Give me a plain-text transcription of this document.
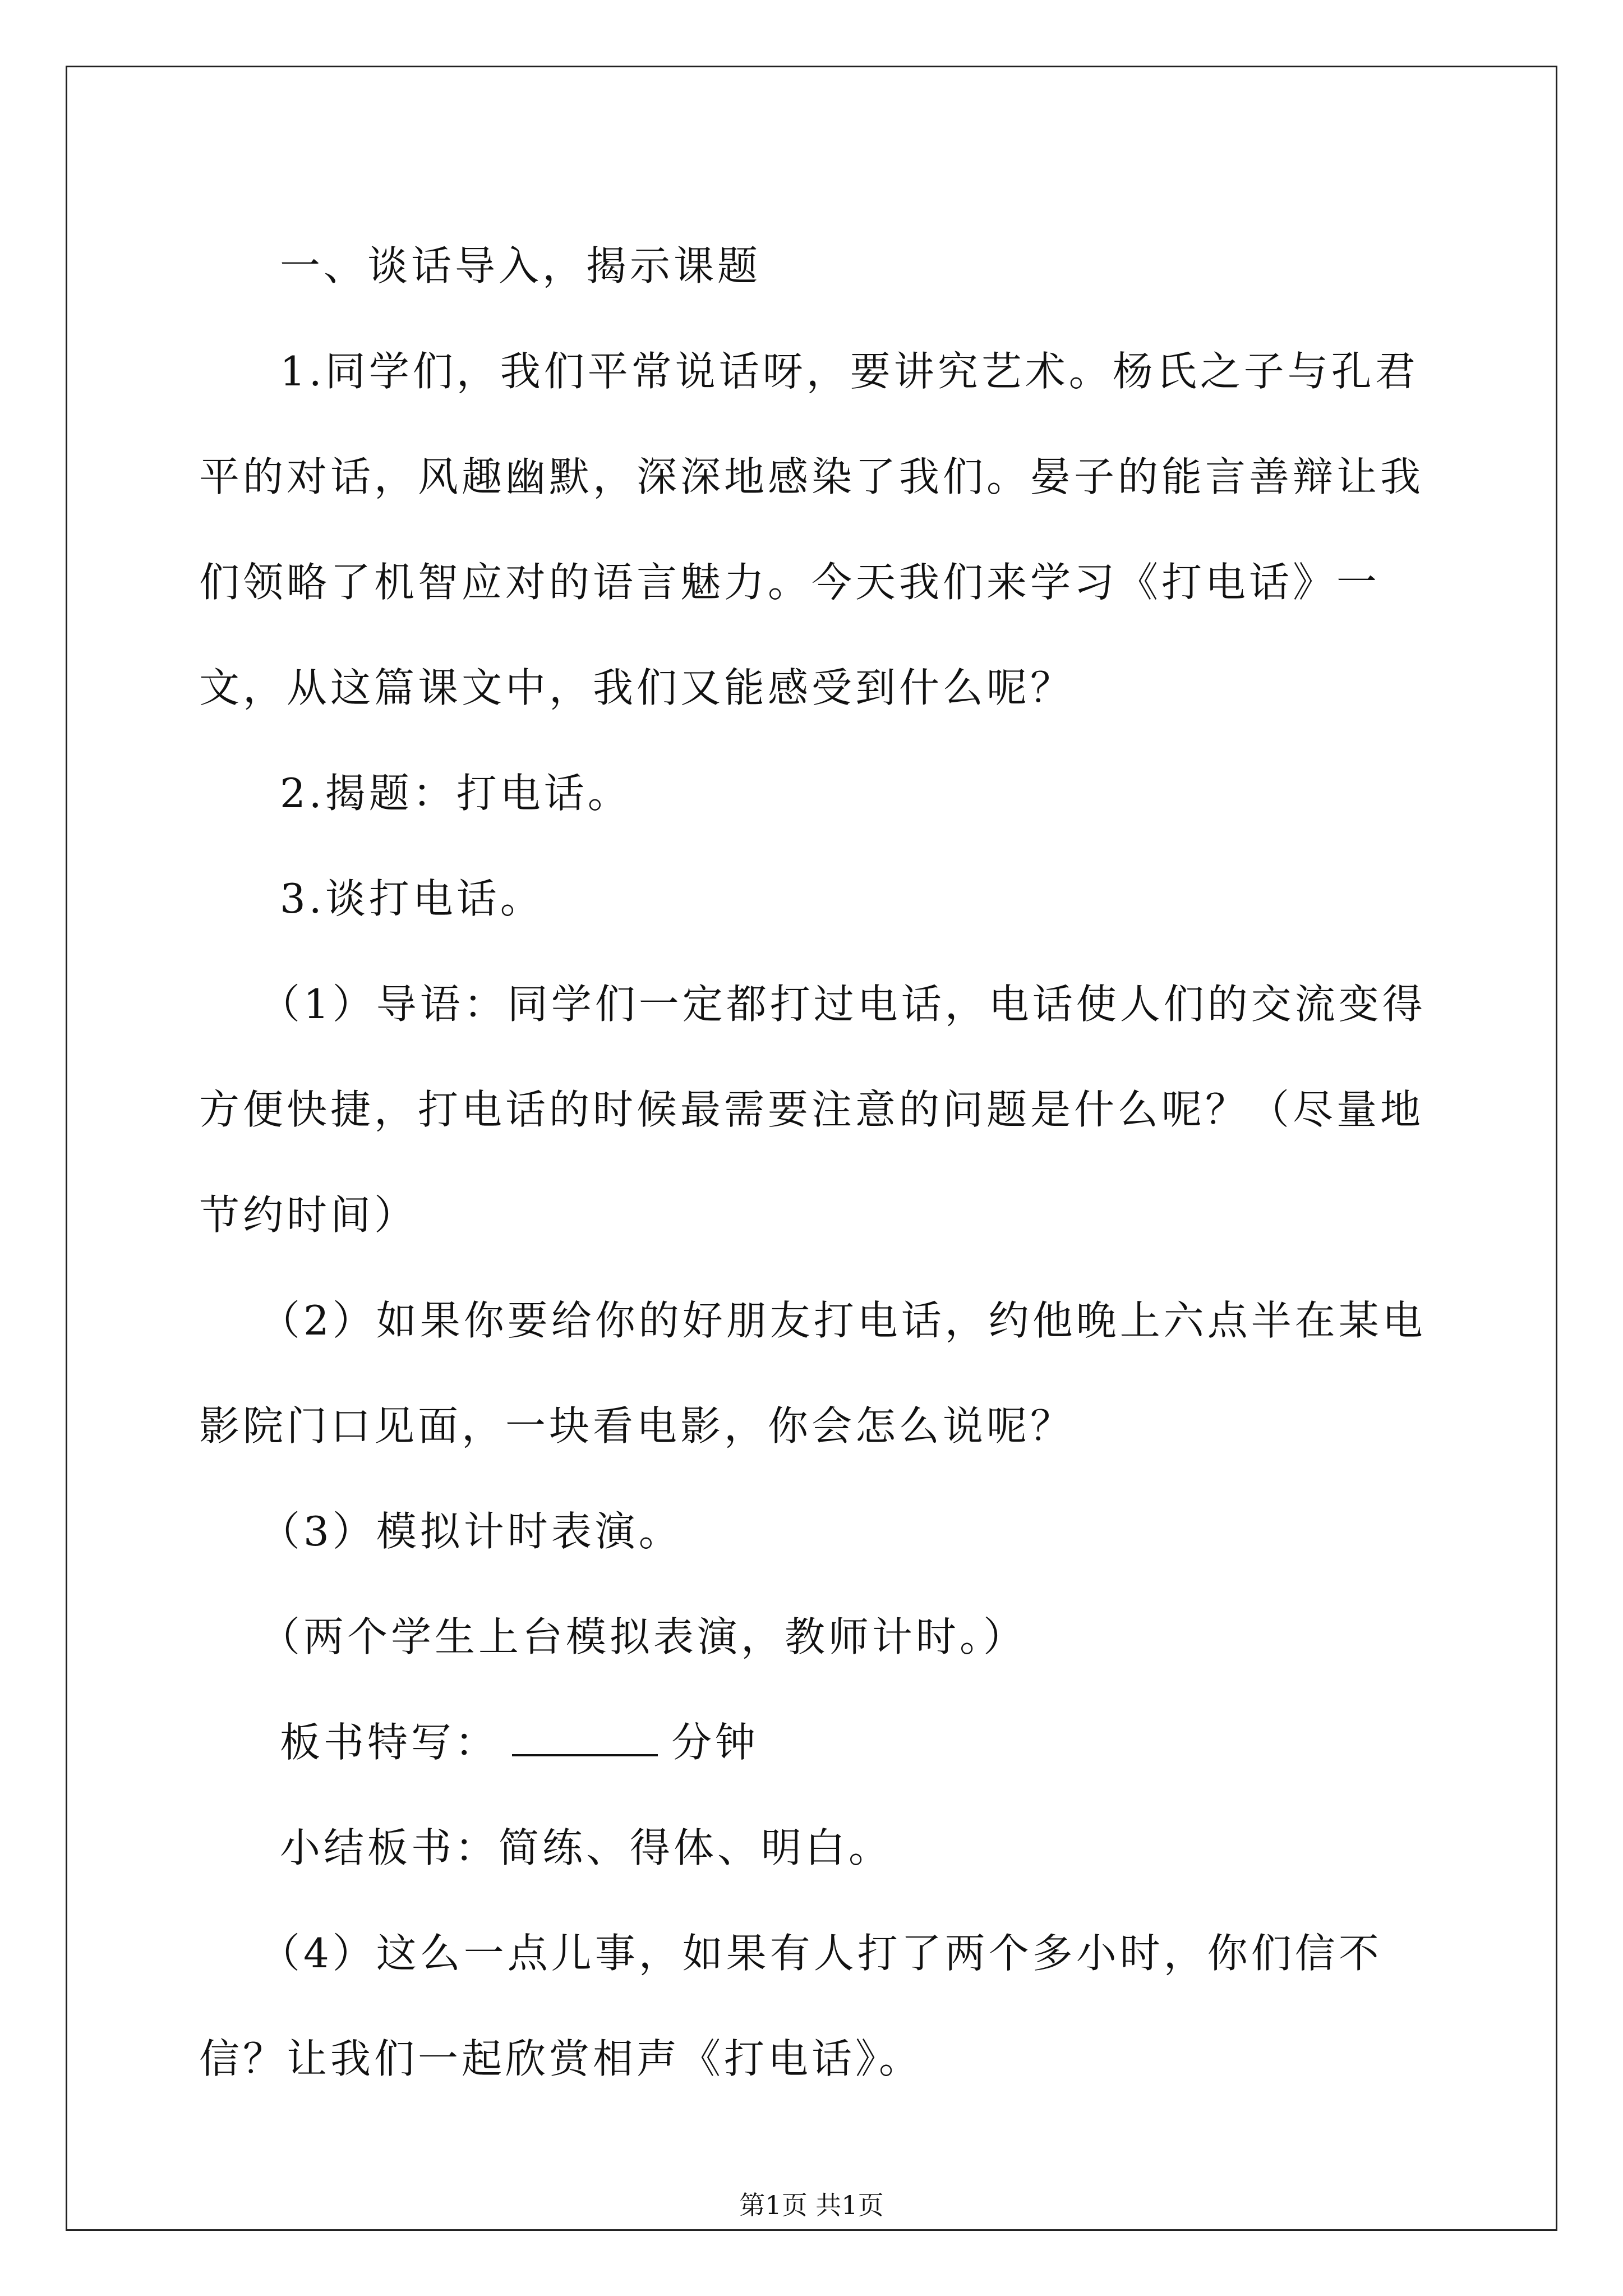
一、谈话导入，揭示课题

1.同学们，我们平常说话呀，要讲究艺术。杨氏之子与孔君平的对话，风趣幽默，深深地感染了我们。晏子的能言善辩让我们领略了机智应对的语言魅力。今天我们来学习《打电话》一文，从这篇课文中，我们又能感受到什么呢？

2.揭题：打电话。

3.谈打电话。

（1）导语：同学们一定都打过电话，电话使人们的交流变得方便快捷，打电话的时候最需要注意的问题是什么呢？（尽量地节约时间）

（2）如果你要给你的好朋友打电话，约他晚上六点半在某电影院门口见面，一块看电影，你会怎么说呢？

（3）模拟计时表演。

（两个学生上台模拟表演，教师计时。）

板书特写：	分钟

小结板书：简练、得体、明白。

（4）这么一点儿事，如果有人打了两个多小时，你们信不信？让我们一起欣赏相声《打电话》。

第1页 共1页
